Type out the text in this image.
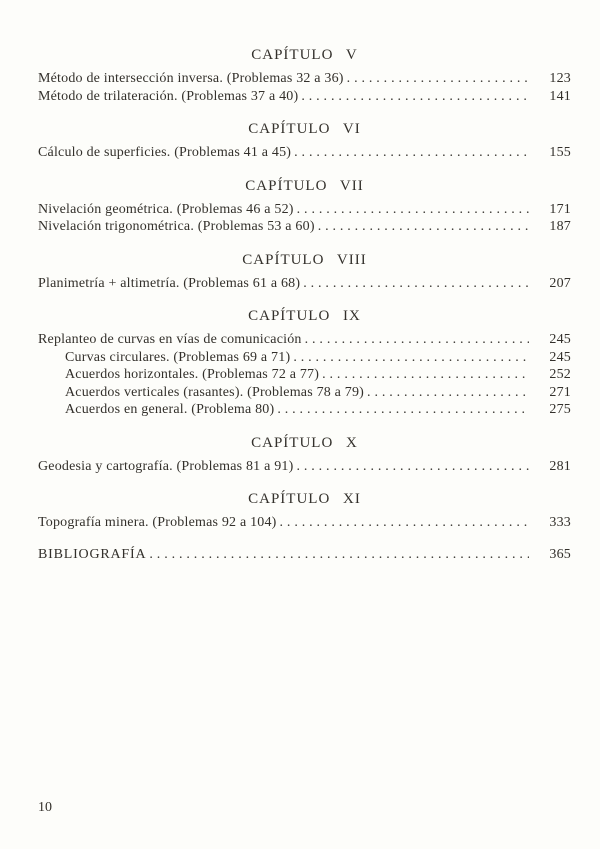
CAPÍTULO V
Método de intersección inversa. (Problemas 32 a 36) . . .	123
Método de trilateración. (Problemas 37 a 40) . . .	141
CAPÍTULO VI
Cálculo de superficies. (Problemas 41 a 45) . . .	155
CAPÍTULO VII
Nivelación geométrica. (Problemas 46 a 52) . . .	171
Nivelación trigonométrica. (Problemas 53 a 60) . . .	187
CAPÍTULO VIII
Planimetría + altimetría. (Problemas 61 a 68) . . .	207
CAPÍTULO IX
Replanteo de curvas en vías de comunicación . . .	245
Curvas circulares. (Problemas 69 a 71) . . .	245
Acuerdos horizontales. (Problemas 72 a 77) . . .	252
Acuerdos verticales (rasantes). (Problemas 78 a 79) . . .	271
Acuerdos en general. (Problema 80) . . .	275
CAPÍTULO X
Geodesia y cartografía. (Problemas 81 a 91) . . .	281
CAPÍTULO XI
Topografía minera. (Problemas 92 a 104) . . .	333
BIBLIOGRAFÍA . . .	365
10
